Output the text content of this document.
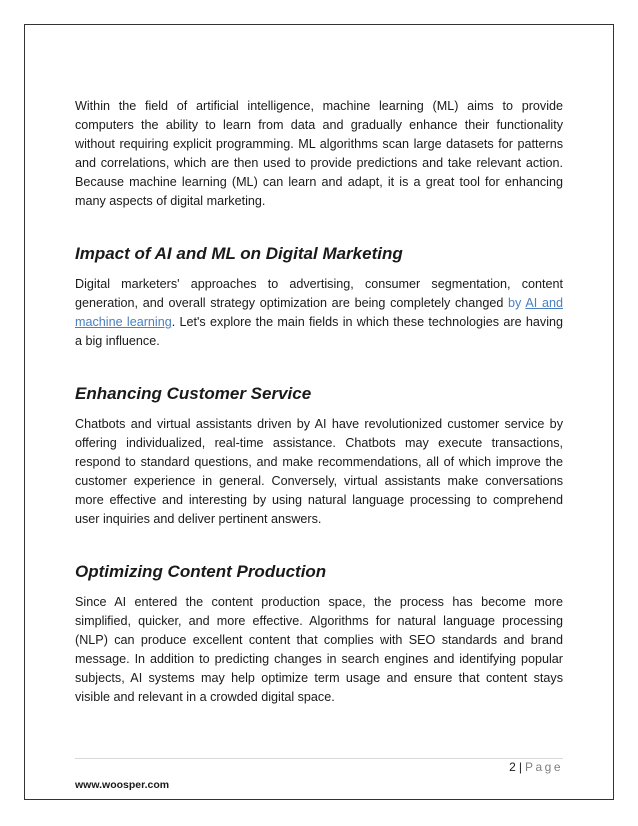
Within the field of artificial intelligence, machine learning (ML) aims to provide computers the ability to learn from data and gradually enhance their functionality without requiring explicit programming. ML algorithms scan large datasets for patterns and correlations, which are then used to provide predictions and take relevant action. Because machine learning (ML) can learn and adapt, it is a great tool for enhancing many aspects of digital marketing.

Impact of AI and ML on Digital Marketing

Digital marketers' approaches to advertising, consumer segmentation, content generation, and overall strategy optimization are being completely changed by AI and machine learning. Let's explore the main fields in which these technologies are having a big influence.

Enhancing Customer Service

Chatbots and virtual assistants driven by AI have revolutionized customer service by offering individualized, real-time assistance. Chatbots may execute transactions, respond to standard questions, and make recommendations, all of which improve the customer experience in general. Conversely, virtual assistants make conversations more effective and interesting by using natural language processing to comprehend user inquiries and deliver pertinent answers.

Optimizing Content Production

Since AI entered the content production space, the process has become more simplified, quicker, and more effective. Algorithms for natural language processing (NLP) can produce excellent content that complies with SEO standards and brand message. In addition to predicting changes in search engines and identifying popular subjects, AI systems may help optimize term usage and ensure that content stays visible and relevant in a crowded digital space.

2 | Page
www.woosper.com
